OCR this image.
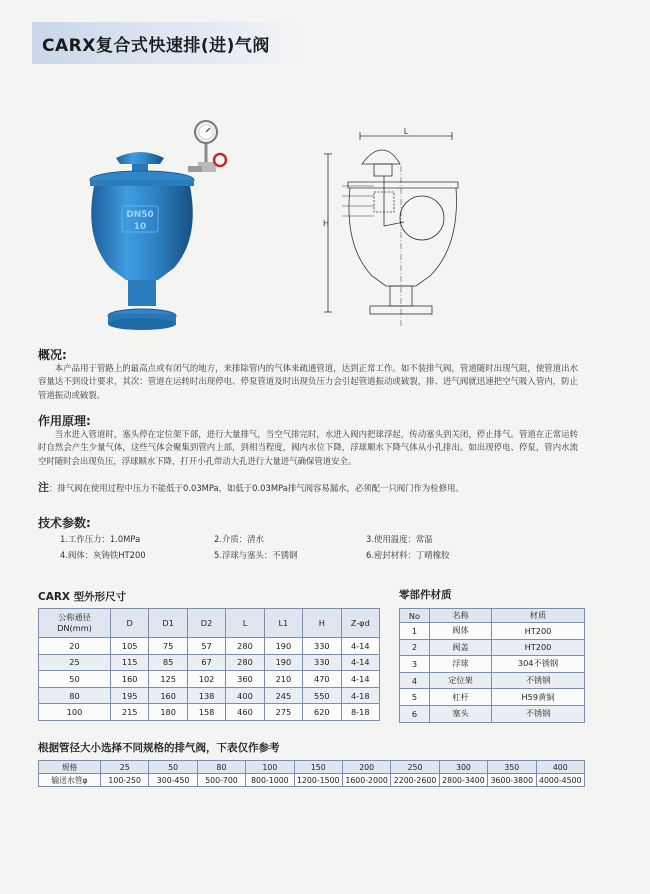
CARX复合式快速排(进)气阀
DN50
10
L
H
概况:

本产品用于管路上的最高点或有闭气的地方，来排除管内的气体来疏通管道，达到正常工作。如不装排气阀，管道随时出现气阻，使管道出水容量达不到设计要求，其次：管道在运转时出现停电、停泵管道及时出现负压力会引起管道振动或破裂，排、进气阀就迅速把空气吸入管内，防止管道振动或破裂。

作用原理:

当水进入管道时，塞头停在定位架下部，进行大量排气，当空气排完时，水进入阀内把球浮起，传动塞头到关闭，停止排气。管道在正常运转时自然会产生少量气体，这些气体会聚集到管内上部，到相当程度，阀内水位下降，浮球顺水下降气体从小孔排出。如出现停电、停泵，管内水流空时随时会出现负压，浮球顺水下降，打开小孔带动大孔进行大量进气确保管道安全。

注：排气阀在使用过程中压力不能低于0.03MPa，如低于0.03MPa排气阀容易漏水，必须配一只阀门作为检修用。
技术参数:
1.工作压力：1.0MPa	2.介质：清水	3.使用温度：常温
4.阀体：灰铸铁HT200	5.浮球与塞头：不锈钢	6.密封材料：丁晴橡胶
CARX 型外形尺寸
公称通径
DN(mm)	D	D1	D2	L	L1	H	Z-φd
20	105	75	57	280	190	330	4-14
25	115	85	67	280	190	330	4-14
50	160	125	102	360	210	470	4-14
80	195	160	138	400	245	550	4-18
100	215	180	158	460	275	620	8-18
零部件材质
No	名称	材质
1	阀体	HT200
2	阀盖	HT200
3	浮球	304不锈钢
4	定位架	不锈钢
5	杠杆	H59黄铜
6	塞头	不锈钢
根据管径大小选择不同规格的排气阀，下表仅作参考
规格	25	50	80	100	150	200	250	300	350	400
输送水管φ	100-250	300-450	500-700	800-1000	1200-1500	1600-2000	2200-2600	2800-3400	3600-3800	4000-4500
